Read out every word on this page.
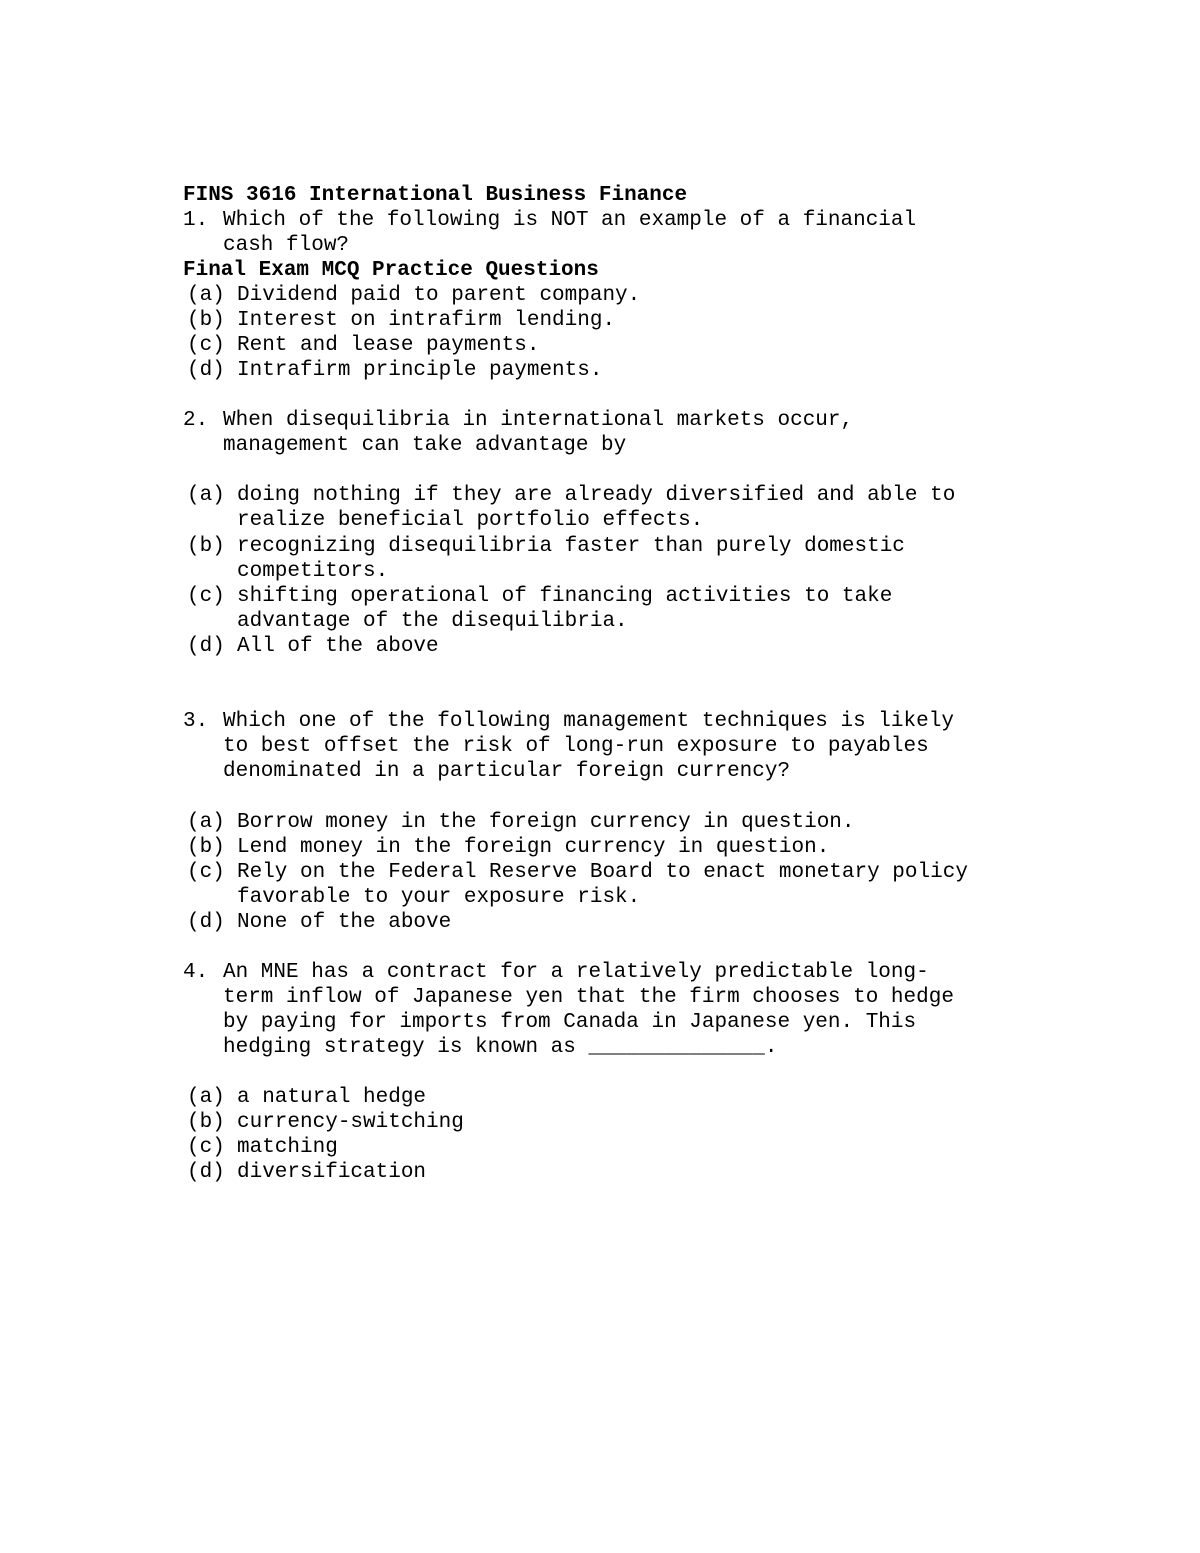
FINS 3616 International Business Finance

Final Exam MCQ Practice Questions

1. Which of the following is NOT an example of a financial
cash flow?
(a) Dividend paid to parent company.
(b) Interest on intrafirm lending.
(c) Rent and lease payments.
(d) Intrafirm principle payments.
2. When disequilibria in international markets occur,
management can take advantage by
(a) doing nothing if they are already diversified and able to
realize beneficial portfolio effects.
(b) recognizing disequilibria faster than purely domestic
competitors.
(c) shifting operational of financing activities to take
advantage of the disequilibria.
(d) All of the above
3. Which one of the following management techniques is likely
to best offset the risk of long-run exposure to payables
denominated in a particular foreign currency?
(a) Borrow money in the foreign currency in question.
(b) Lend money in the foreign currency in question.
(c) Rely on the Federal Reserve Board to enact monetary policy
favorable to your exposure risk.
(d) None of the above
4. An MNE has a contract for a relatively predictable long-
term inflow of Japanese yen that the firm chooses to hedge
by paying for imports from Canada in Japanese yen. This
hedging strategy is known as ______________.
(a) a natural hedge
(b) currency-switching
(c) matching
(d) diversification
